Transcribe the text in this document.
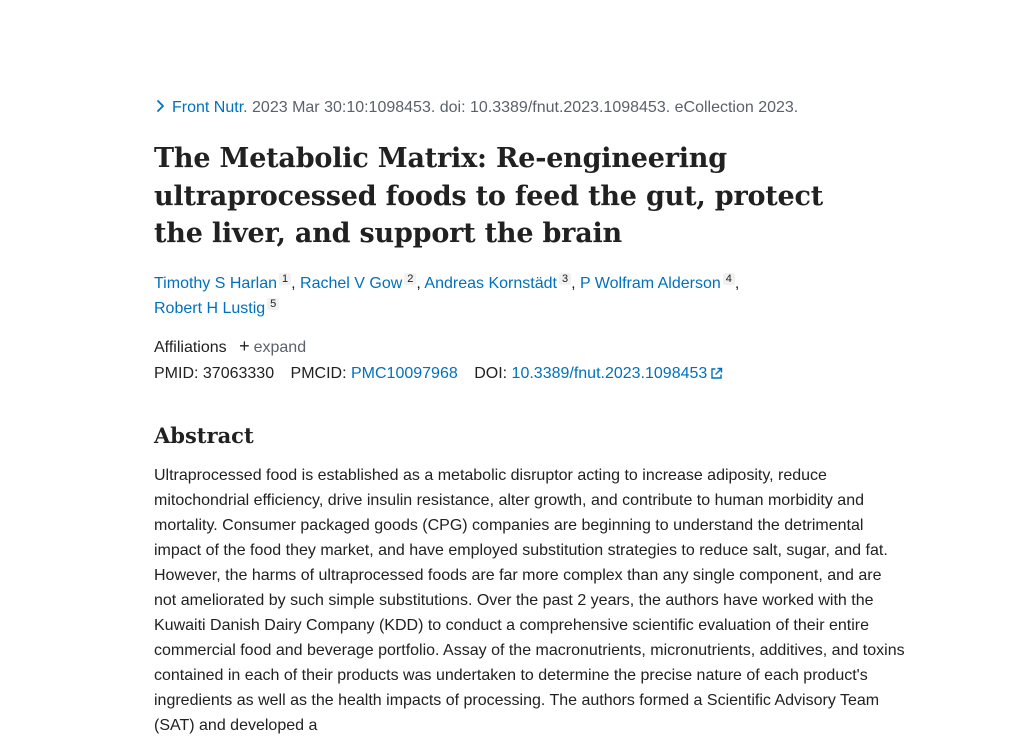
Front Nutr. 2023 Mar 30:10:1098453. doi: 10.3389/fnut.2023.1098453. eCollection 2023.
The Metabolic Matrix: Re-engineering ultraprocessed foods to feed the gut, protect the liver, and support the brain
Timothy S Harlan $^1$ , Rachel V Gow $^2$ , Andreas Kornstädt $^3$ , P Wolfram Alderson $^4$ ,
Robert H Lustig $^5$
Affiliations + expand
PMID: 37063330 PMCID: PMC10097968 DOI: 10.3389/fnut.2023.1098453
Abstract

Ultraprocessed food is established as a metabolic disruptor acting to increase adiposity, reduce mitochondrial efficiency, drive insulin resistance, alter growth, and contribute to human morbidity and mortality. Consumer packaged goods (CPG) companies are beginning to understand the detrimental impact of the food they market, and have employed substitution strategies to reduce salt, sugar, and fat. However, the harms of ultraprocessed foods are far more complex than any single component, and are not ameliorated by such simple substitutions. Over the past 2 years, the authors have worked with the Kuwaiti Danish Dairy Company (KDD) to conduct a comprehensive scientific evaluation of their entire commercial food and beverage portfolio. Assay of the macronutrients, micronutrients, additives, and toxins contained in each of their products was undertaken to determine the precise nature of each product's ingredients as well as the health impacts of processing. The authors formed a Scientific Advisory Team (SAT) and developed a
